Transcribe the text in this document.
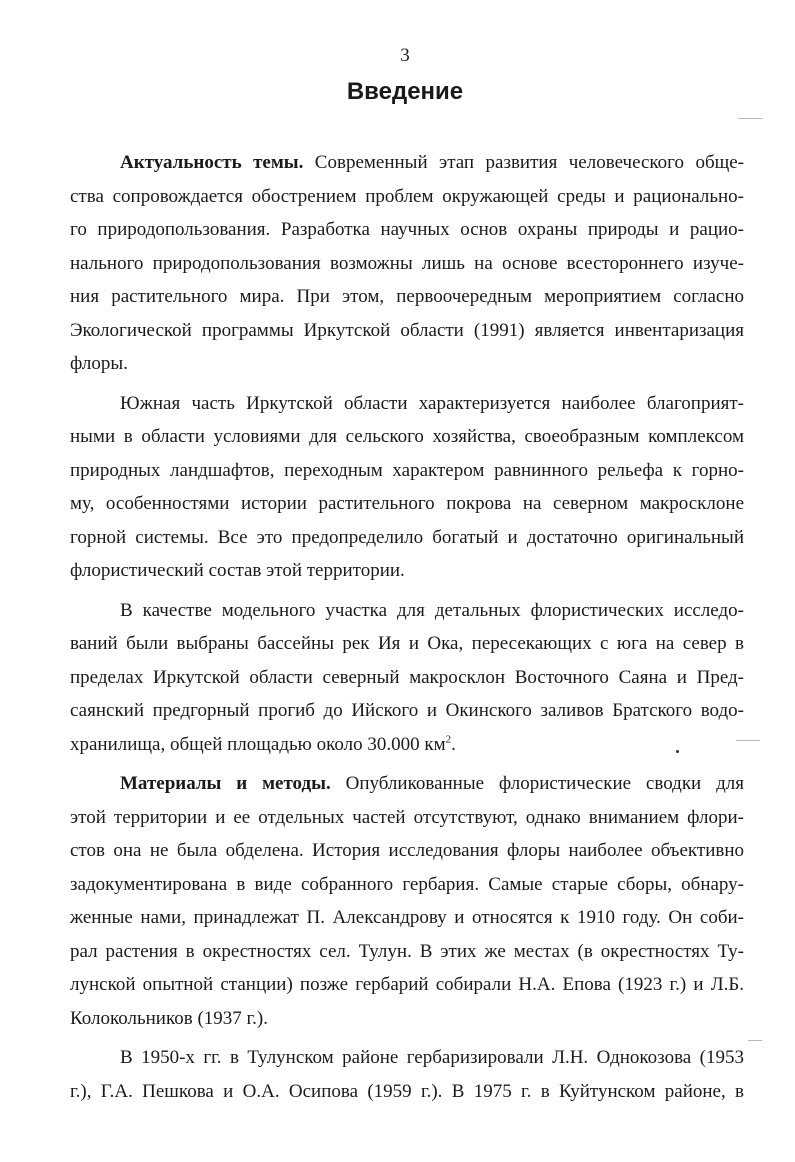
3
Введение

Актуальность темы. Современный этап развития человеческого обще-
ства сопровождается обострением проблем окружающей среды и рационально-
го природопользования. Разработка научных основ охраны природы и рацио-
нального природопользования возможны лишь на основе всестороннего изуче-
ния растительного мира. При этом, первоочередным мероприятием согласно
Экологической программы Иркутской области (1991) является инвентаризация
флоры.

Южная часть Иркутской области характеризуется наиболее благоприят-
ными в области условиями для сельского хозяйства, своеобразным комплексом
природных ландшафтов, переходным характером равнинного рельефа к горно-
му, особенностями истории растительного покрова на северном макросклоне
горной системы. Все это предопределило богатый и достаточно оригинальный
флористический состав этой территории.

В качестве модельного участка для детальных флористических исследо-
ваний были выбраны бассейны рек Ия и Ока, пересекающих с юга на север в
пределах Иркутской области северный макросклон Восточного Саяна и Пред-
саянский предгорный прогиб до Ийского и Окинского заливов Братского водо-
хранилища, общей площадью около 30.000 $км^2$.

Материалы и методы. Опубликованные флористические сводки для
этой территории и ее отдельных частей отсутствуют, однако вниманием флори-
стов она не была обделена. История исследования флоры наиболее объективно
задокументирована в виде собранного гербария. Самые старые сборы, обнару-
женные нами, принадлежат П. Александрову и относятся к 1910 году. Он соби-
рал растения в окрестностях сел. Тулун. В этих же местах (в окрестностях Ту-
лунской опытной станции) позже гербарий собирали Н.А. Епова (1923 г.) и Л.Б.
Колокольников (1937 г.).

В 1950-х гг. в Тулунском районе гербаризировали Л.Н. Однокозова (1953
г.), Г.А. Пешкова и О.А. Осипова (1959 г.). В 1975 г. в Куйтунском районе, в
